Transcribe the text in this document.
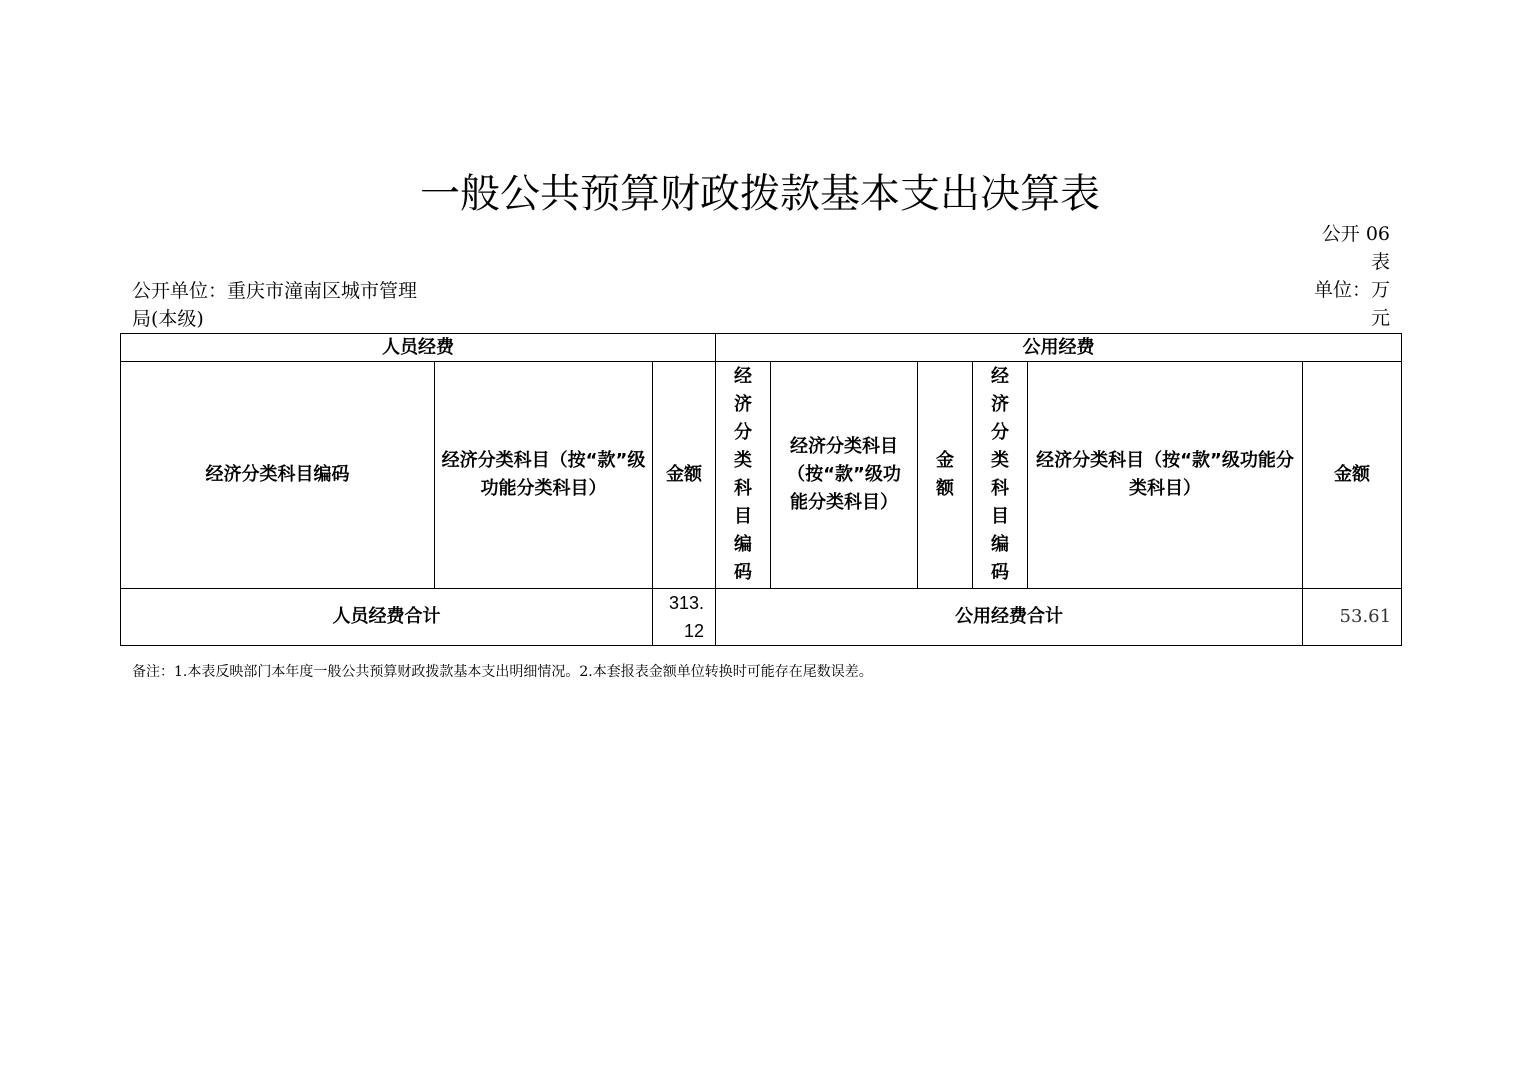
一般公共预算财政拨款基本支出决算表
公开单位：重庆市潼南区城市管理局(本级)
公开 06 表
单位：万元
人员经费			公用经费					
经济分类科目编码	经济分类科目（按“款”级功能分类科目）	金额	经济分类科目编码	经济分类科目（按“款”级功能分类科目）	金额	经济分类科目编码	经济分类科目（按“款”级功能分类科目）	金额
人员经费合计		313.12	公用经费合计					53.61
备注：1.本表反映部门本年度一般公共预算财政拨款基本支出明细情况。2.本套报表金额单位转换时可能存在尾数误差。
